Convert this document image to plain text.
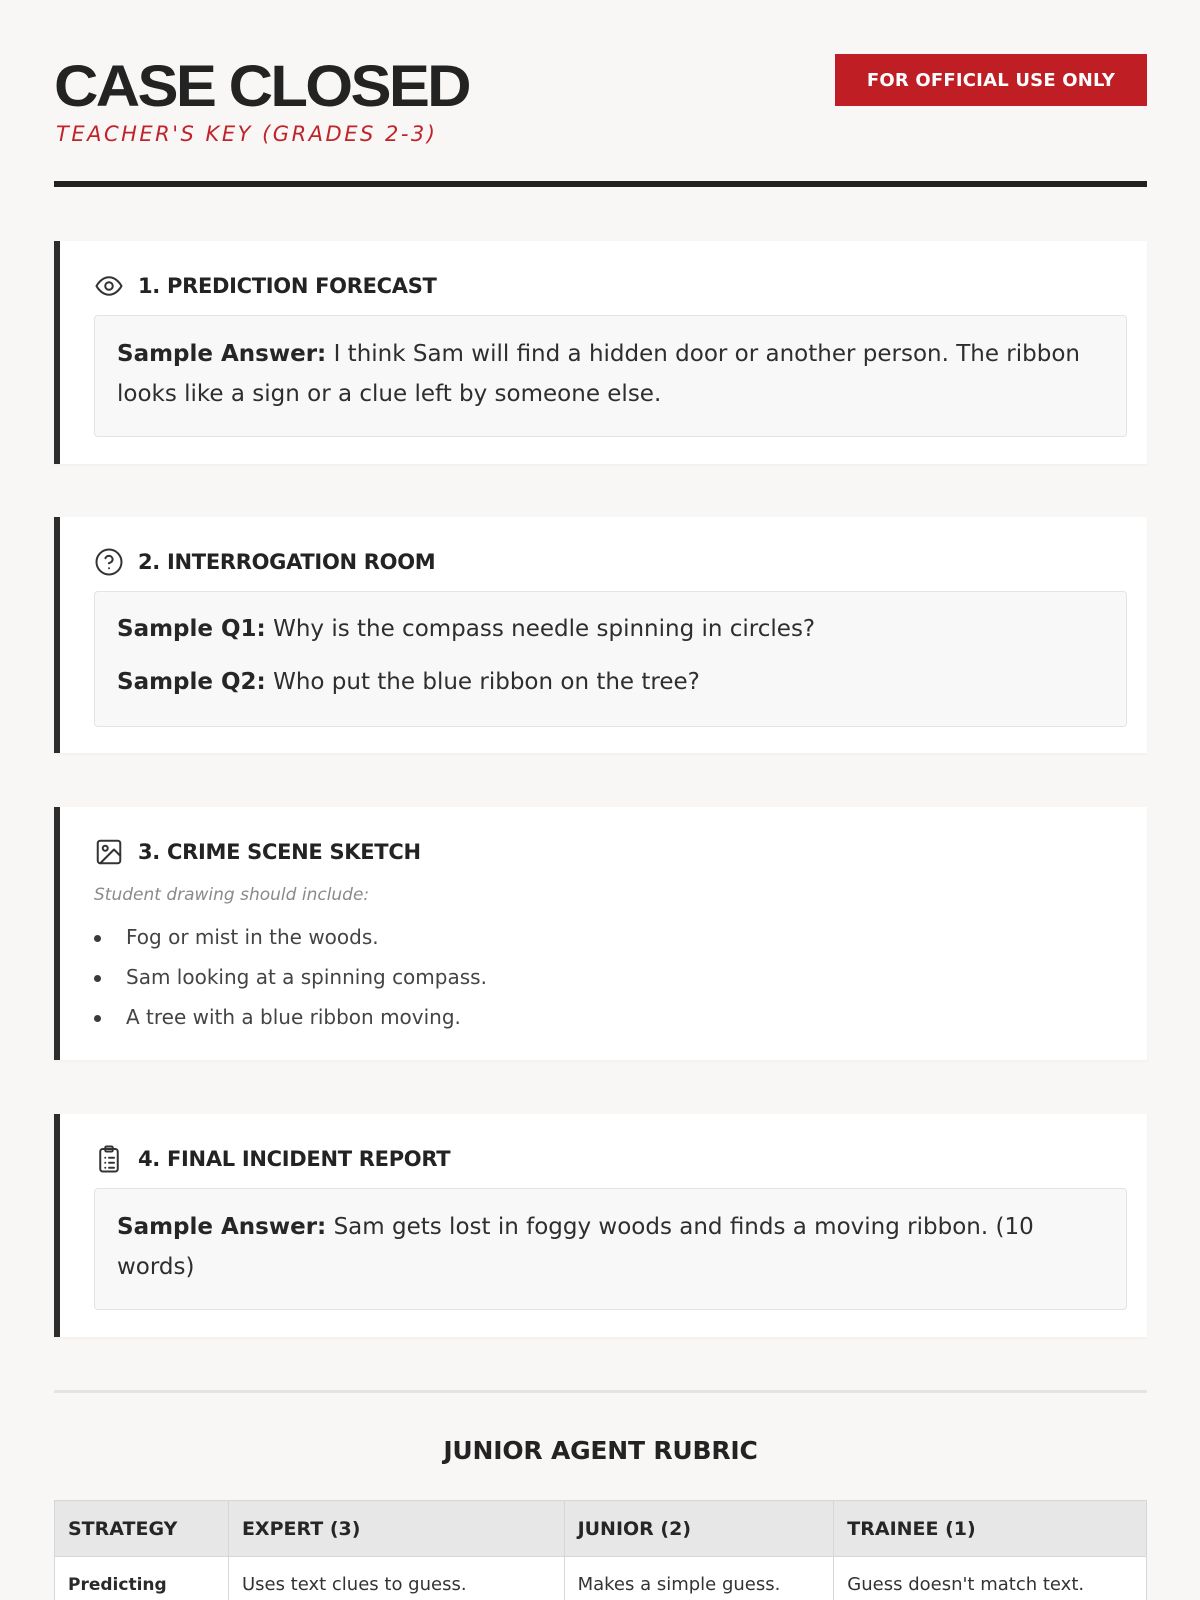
CASE CLOSED
TEACHER'S KEY (GRADES 2-3)
FOR OFFICIAL USE ONLY
1. PREDICTION FORECAST
Sample Answer: I think Sam will find a hidden door or another person. The ribbon looks like a sign or a clue left by someone else.
2. INTERROGATION ROOM
Sample Q1: Why is the compass needle spinning in circles?
Sample Q2: Who put the blue ribbon on the tree?
3. CRIME SCENE SKETCH
Student drawing should include:
Fog or mist in the woods.
Sam looking at a spinning compass.
A tree with a blue ribbon moving.
4. FINAL INCIDENT REPORT
Sample Answer: Sam gets lost in foggy woods and finds a moving ribbon. (10 words)
JUNIOR AGENT RUBRIC
STRATEGY	EXPERT (3)	JUNIOR (2)	TRAINEE (1)
Predicting	Uses text clues to guess.	Makes a simple guess.	Guess doesn't match text.
